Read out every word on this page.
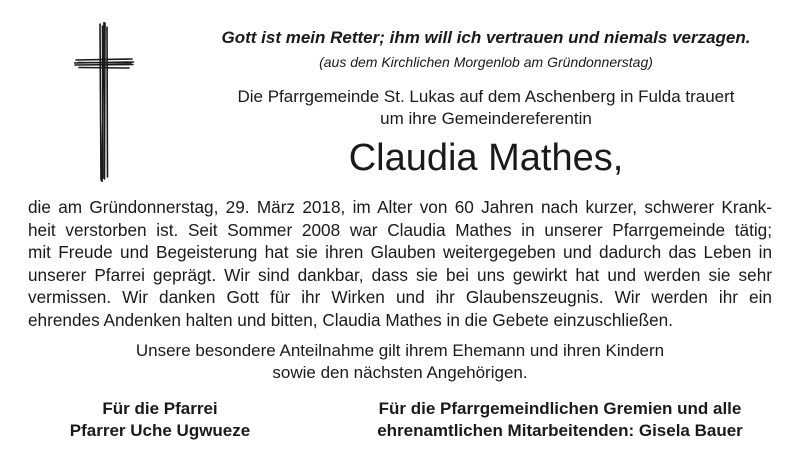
Gott ist mein Retter; ihm will ich vertrauen und niemals verzagen.
(aus dem Kirchlichen Morgenlob am Gründonnerstag)
Die Pfarrgemeinde St. Lukas auf dem Aschenberg in Fulda trauert
um ihre Gemeindereferentin
Claudia Mathes,
die am Gründonnerstag, 29. März 2018, im Alter von 60 Jahren nach kurzer, schwerer Krank-
heit verstorben ist. Seit Sommer 2008 war Claudia Mathes in unserer Pfarrgemeinde tätig;
mit Freude und Begeisterung hat sie ihren Glauben weitergegeben und dadurch das Leben in
unserer Pfarrei geprägt. Wir sind dankbar, dass sie bei uns gewirkt hat und werden sie sehr
vermissen. Wir danken Gott für ihr Wirken und ihr Glaubenszeugnis. Wir werden ihr ein
ehrendes Andenken halten und bitten, Claudia Mathes in die Gebete einzuschließen.
Unsere besondere Anteilnahme gilt ihrem Ehemann und ihren Kindern
sowie den nächsten Angehörigen.
Für die Pfarrei
Pfarrer Uche Ugwueze
Für die Pfarrgemeindlichen Gremien und alle
ehrenamtlichen Mitarbeitenden: Gisela Bauer
